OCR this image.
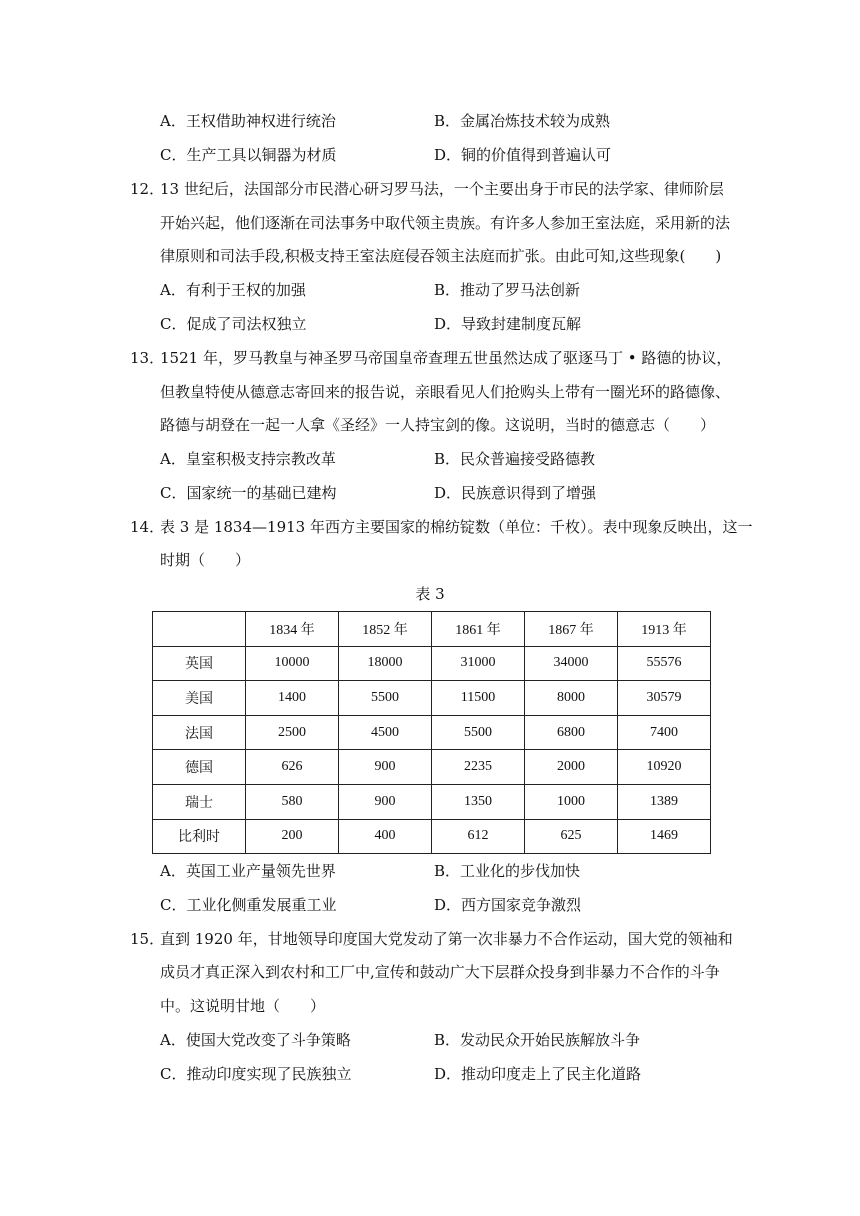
A．王权借助神权进行统治	B．金属冶炼技术较为成熟
C．生产工具以铜器为材质	D．铜的价值得到普遍认可
12．
13 世纪后，法国部分市民潜心研习罗马法，一个主要出身于市民的法学家、律师阶层
开始兴起，他们逐渐在司法事务中取代领主贵族。有许多人参加王室法庭，采用新的法
律原则和司法手段,积极支持王室法庭侵吞领主法庭而扩张。由此可知,这些现象(　　)
A．有利于王权的加强	B．推动了罗马法创新
C．促成了司法权独立	D．导致封建制度瓦解
13．
1521 年，罗马教皇与神圣罗马帝国皇帝查理五世虽然达成了驱逐马丁 • 路德的协议，
但教皇特使从德意志寄回来的报告说，亲眼看见人们抢购头上带有一圈光环的路德像、
路德与胡登在一起一人拿《圣经》一人持宝剑的像。这说明，当时的德意志（　　）
A．皇室积极支持宗教改革	B．民众普遍接受路德教
C．国家统一的基础已建构	D．民族意识得到了增强
14．
表 3 是 1834—1913 年西方主要国家的棉纺锭数（单位：千枚）。表中现象反映出，这一
时期（　　）
表 3
	1834 年	1852 年	1861 年	1867 年	1913 年
英国	10000	18000	31000	34000	55576
美国	1400	5500	11500	8000	30579
法国	2500	4500	5500	6800	7400
德国	626	900	2235	2000	10920
瑞士	580	900	1350	1000	1389
比利时	200	400	612	625	1469
A．英国工业产量领先世界	B．工业化的步伐加快
C．工业化侧重发展重工业	D．西方国家竞争激烈
15．
直到 1920 年，甘地领导印度国大党发动了第一次非暴力不合作运动，国大党的领袖和
成员才真正深入到农村和工厂中,宣传和鼓动广大下层群众投身到非暴力不合作的斗争
中。这说明甘地（　　）
A．使国大党改变了斗争策略	B．发动民众开始民族解放斗争
C．推动印度实现了民族独立	D．推动印度走上了民主化道路
